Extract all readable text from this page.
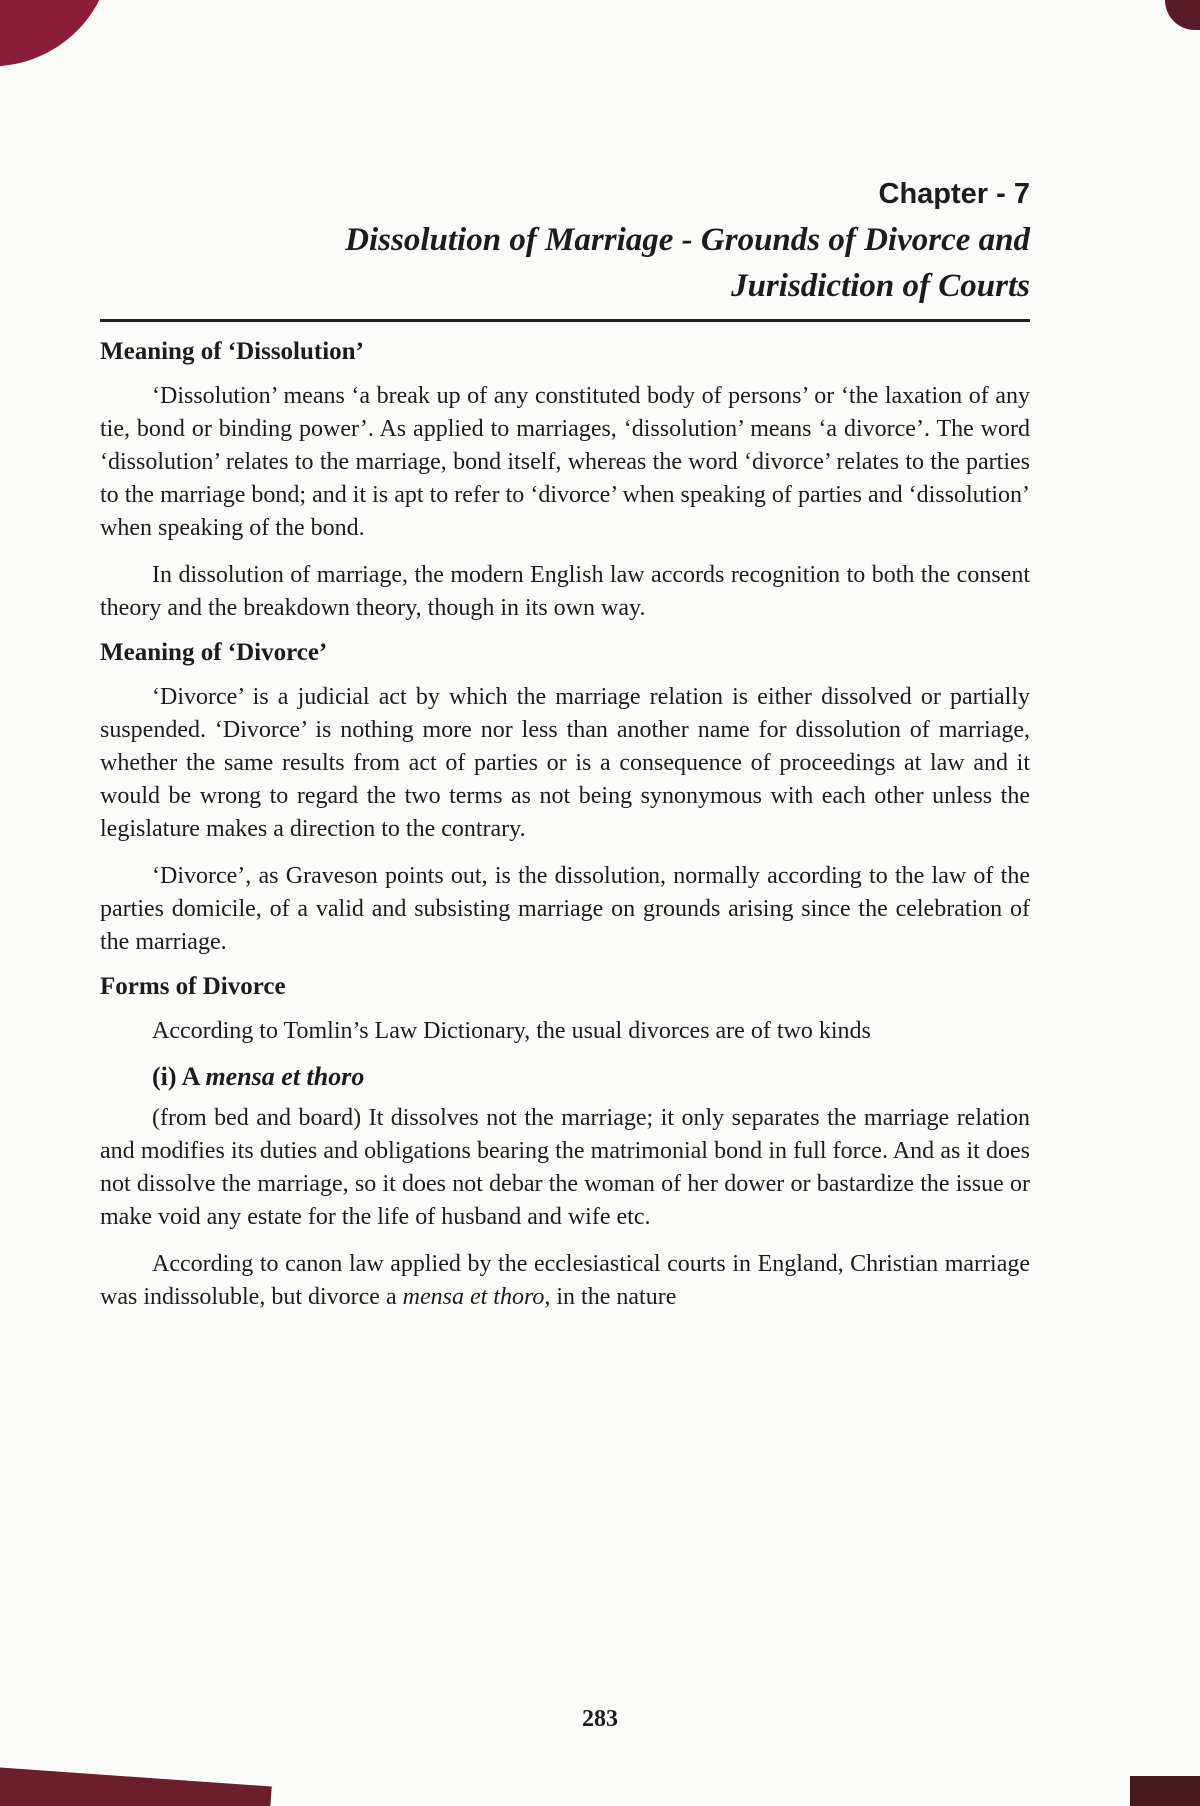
Chapter - 7
Dissolution of Marriage - Grounds of Divorce and
Jurisdiction of Courts
Meaning of ‘Dissolution’

‘Dissolution’ means ‘a break up of any constituted body of persons’ or ‘the laxation of any tie, bond or binding power’. As applied to marriages, ‘dissolution’ means ‘a divorce’. The word ‘dissolution’ relates to the marriage, bond itself, whereas the word ‘divorce’ relates to the parties to the marriage bond; and it is apt to refer to ‘divorce’ when speaking of parties and ‘dissolution’ when speaking of the bond.

In dissolution of marriage, the modern English law accords recognition to both the consent theory and the breakdown theory, though in its own way.

Meaning of ‘Divorce’

‘Divorce’ is a judicial act by which the marriage relation is either dissolved or partially suspended. ‘Divorce’ is nothing more nor less than another name for dissolution of marriage, whether the same results from act of parties or is a consequence of proceedings at law and it would be wrong to regard the two terms as not being synonymous with each other unless the legislature makes a direction to the contrary.

‘Divorce’, as Graveson points out, is the dissolution, normally according to the law of the parties domicile, of a valid and subsisting marriage on grounds arising since the celebration of the marriage.

Forms of Divorce

According to Tomlin’s Law Dictionary, the usual divorces are of two kinds

(i) A mensa et thoro

(from bed and board) It dissolves not the marriage; it only separates the marriage relation and modifies its duties and obligations bearing the matrimonial bond in full force. And as it does not dissolve the marriage, so it does not debar the woman of her dower or bastardize the issue or make void any estate for the life of husband and wife etc.

According to canon law applied by the ecclesiastical courts in England, Christian marriage was indissoluble, but divorce a mensa et thoro, in the nature

283
